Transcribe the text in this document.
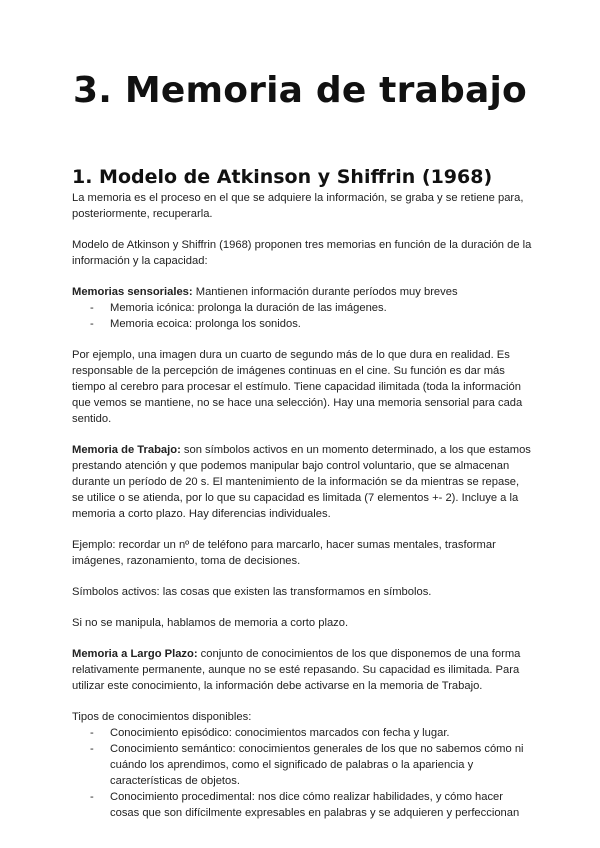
3. Memoria de trabajo
1. Modelo de Atkinson y Shiffrin (1968)

La memoria es el proceso en el que se adquiere la información, se graba y se retiene para, posteriormente, recuperarla.

Modelo de Atkinson y Shiffrin (1968) proponen tres memorias en función de la duración de la información y la capacidad:

Memorias sensoriales: Mantienen información durante períodos muy breves

- Memoria icónica: prolonga la duración de las imágenes.
- Memoria ecoica: prolonga los sonidos.

Por ejemplo, una imagen dura un cuarto de segundo más de lo que dura en realidad. Es responsable de la percepción de imágenes continuas en el cine. Su función es dar más tiempo al cerebro para procesar el estímulo. Tiene capacidad ilimitada (toda la información que vemos se mantiene, no se hace una selección). Hay una memoria sensorial para cada sentido.

Memoria de Trabajo: son símbolos activos en un momento determinado, a los que estamos prestando atención y que podemos manipular bajo control voluntario, que se almacenan durante un período de 20 s. El mantenimiento de la información se da mientras se repase, se utilice o se atienda, por lo que su capacidad es limitada (7 elementos +- 2). Incluye a la memoria a corto plazo. Hay diferencias individuales.

Ejemplo: recordar un nº de teléfono para marcarlo, hacer sumas mentales, trasformar imágenes, razonamiento, toma de decisiones.

Símbolos activos: las cosas que existen las transformamos en símbolos.

Si no se manipula, hablamos de memoria a corto plazo.

Memoria a Largo Plazo: conjunto de conocimientos de los que disponemos de una forma relativamente permanente, aunque no se esté repasando. Su capacidad es ilimitada. Para utilizar este conocimiento, la información debe activarse en la memoria de Trabajo.

Tipos de conocimientos disponibles:

- Conocimiento episódico: conocimientos marcados con fecha y lugar.
- Conocimiento semántico: conocimientos generales de los que no sabemos cómo ni cuándo los aprendimos, como el significado de palabras o la apariencia y características de objetos.
- Conocimiento procedimental: nos dice cómo realizar habilidades, y cómo hacer cosas que son difícilmente expresables en palabras y se adquieren y perfeccionan
